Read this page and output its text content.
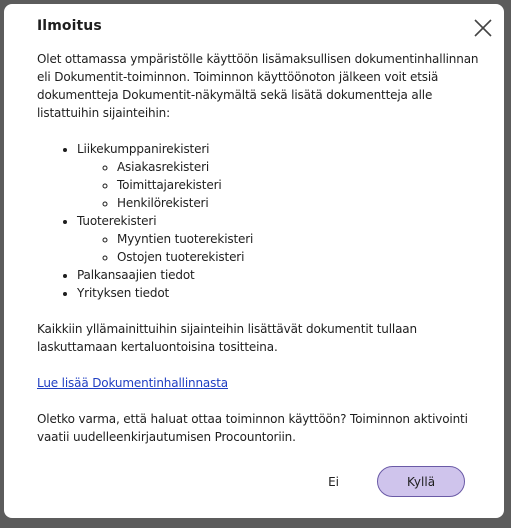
Ilmoitus

Olet ottamassa ympäristölle käyttöön lisämaksullisen dokumentinhallinnan eli Dokumentit-toiminnon. Toiminnon käyttöönoton jälkeen voit etsiä dokumentteja Dokumentit-näkymältä sekä lisätä dokumentteja alle listattuihin sijainteihin:

• Liikekumppanirekisteri
◦ Asiakasrekisteri
◦ Toimittajarekisteri
◦ Henkilörekisteri
• Tuoterekisteri
◦ Myyntien tuoterekisteri
◦ Ostojen tuoterekisteri
• Palkansaajien tiedot
• Yrityksen tiedot

Kaikkiin yllämainittuihin sijainteihin lisättävät dokumentit tullaan laskuttamaan kertaluontoisina tositteina.

Lue lisää Dokumentinhallinnasta

Oletko varma, että haluat ottaa toiminnon käyttöön? Toiminnon aktivointi vaatii uudelleenkirjautumisen Procountoriin.

Ei	Kyllä
